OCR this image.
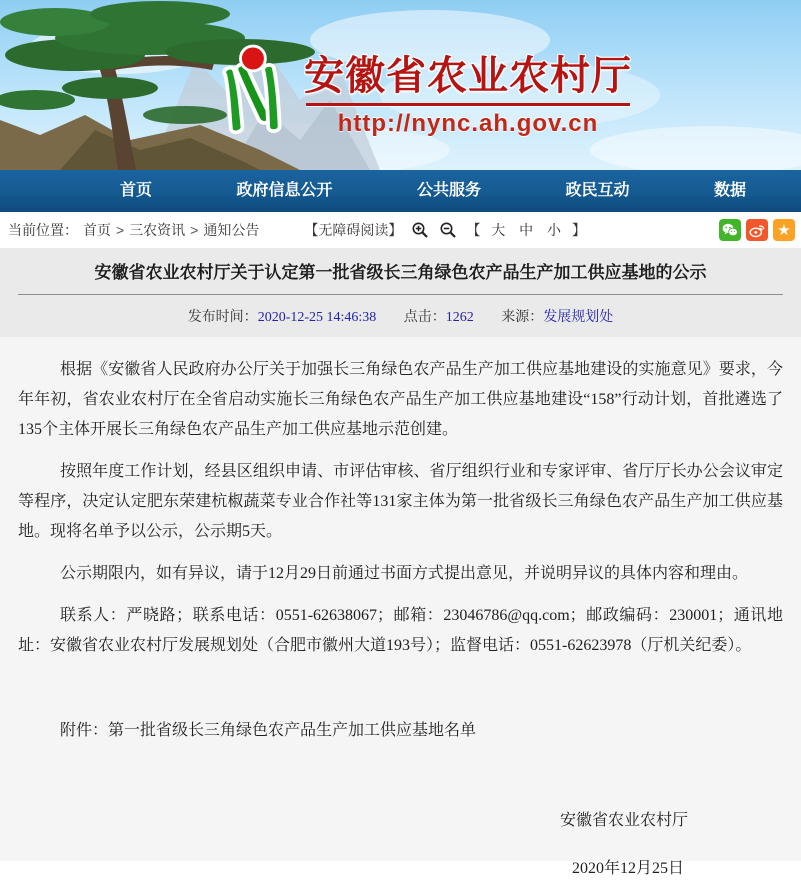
安徽省农业农村厅
http://nync.ah.gov.cn
首页	政府信息公开	公共服务	政民互动	数据
当前位置： 首页 > 三农资讯 > 通知公告	【无障碍阅读】	【 大 中 小 】	★
安徽省农业农村厅关于认定第一批省级长三角绿色农产品生产加工供应基地的公示
发布时间：2020-12-25 14:46:38 点击：1262 来源：发展规划处

根据《安徽省人民政府办公厅关于加强长三角绿色农产品生产加工供应基地建设的实施意见》要求，今年年初，省农业农村厅在全省启动实施长三角绿色农产品生产加工供应基地建设“158”行动计划，首批遴选了135个主体开展长三角绿色农产品生产加工供应基地示范创建。

按照年度工作计划，经县区组织申请、市评估审核、省厅组织行业和专家评审、省厅厅长办公会议审定等程序，决定认定肥东荣建杭椒蔬菜专业合作社等131家主体为第一批省级长三角绿色农产品生产加工供应基地。现将名单予以公示，公示期5天。

公示期限内，如有异议，请于12月29日前通过书面方式提出意见，并说明异议的具体内容和理由。

联系人：严晓路；联系电话：0551-62638067；邮箱：23046786@qq.com；邮政编码：230001；通讯地址：安徽省农业农村厅发展规划处（合肥市徽州大道193号）；监督电话：0551-62623978（厅机关纪委）。

附件：第一批省级长三角绿色农产品生产加工供应基地名单
安徽省农业农村厅
2020年12月25日
